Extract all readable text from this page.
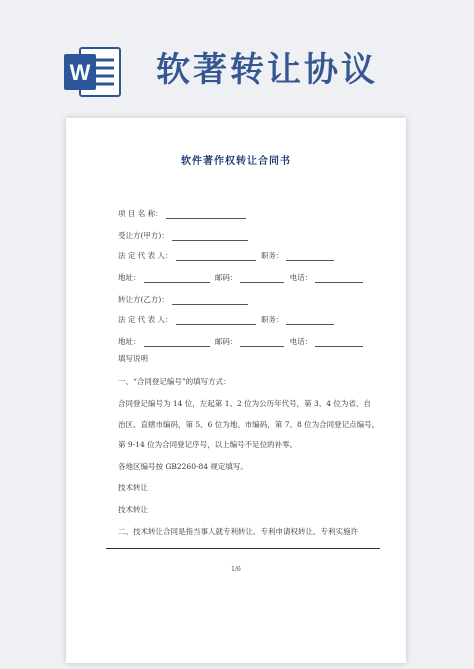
W 软著转让协议
软件著作权转让合同书
项 目 名 称：
受让方(甲方)：
法 定 代 表 人：	职务：
地址：	邮码：	电话：
转让方(乙方)：
法 定 代 表 人：	职务：
地址：	邮码：	电话：
填写说明
一、“合同登记编号”的填写方式：
合同登记编号为 14 位，左起第 1、2 位为公历年代号，第 3、4 位为省、自
治区、直辖市编码，第 5、6 位为地、市编码，第 7、8 位为合同登记点编号，
第 9-14 位为合同登记序号，以上编号不足位的补零。
各地区编号按 GB2260-84 规定填写。
技术转让
技术转让
二、技术转让合同是指当事人就专利转让、专利申请权转让、专利实施许
1/6
